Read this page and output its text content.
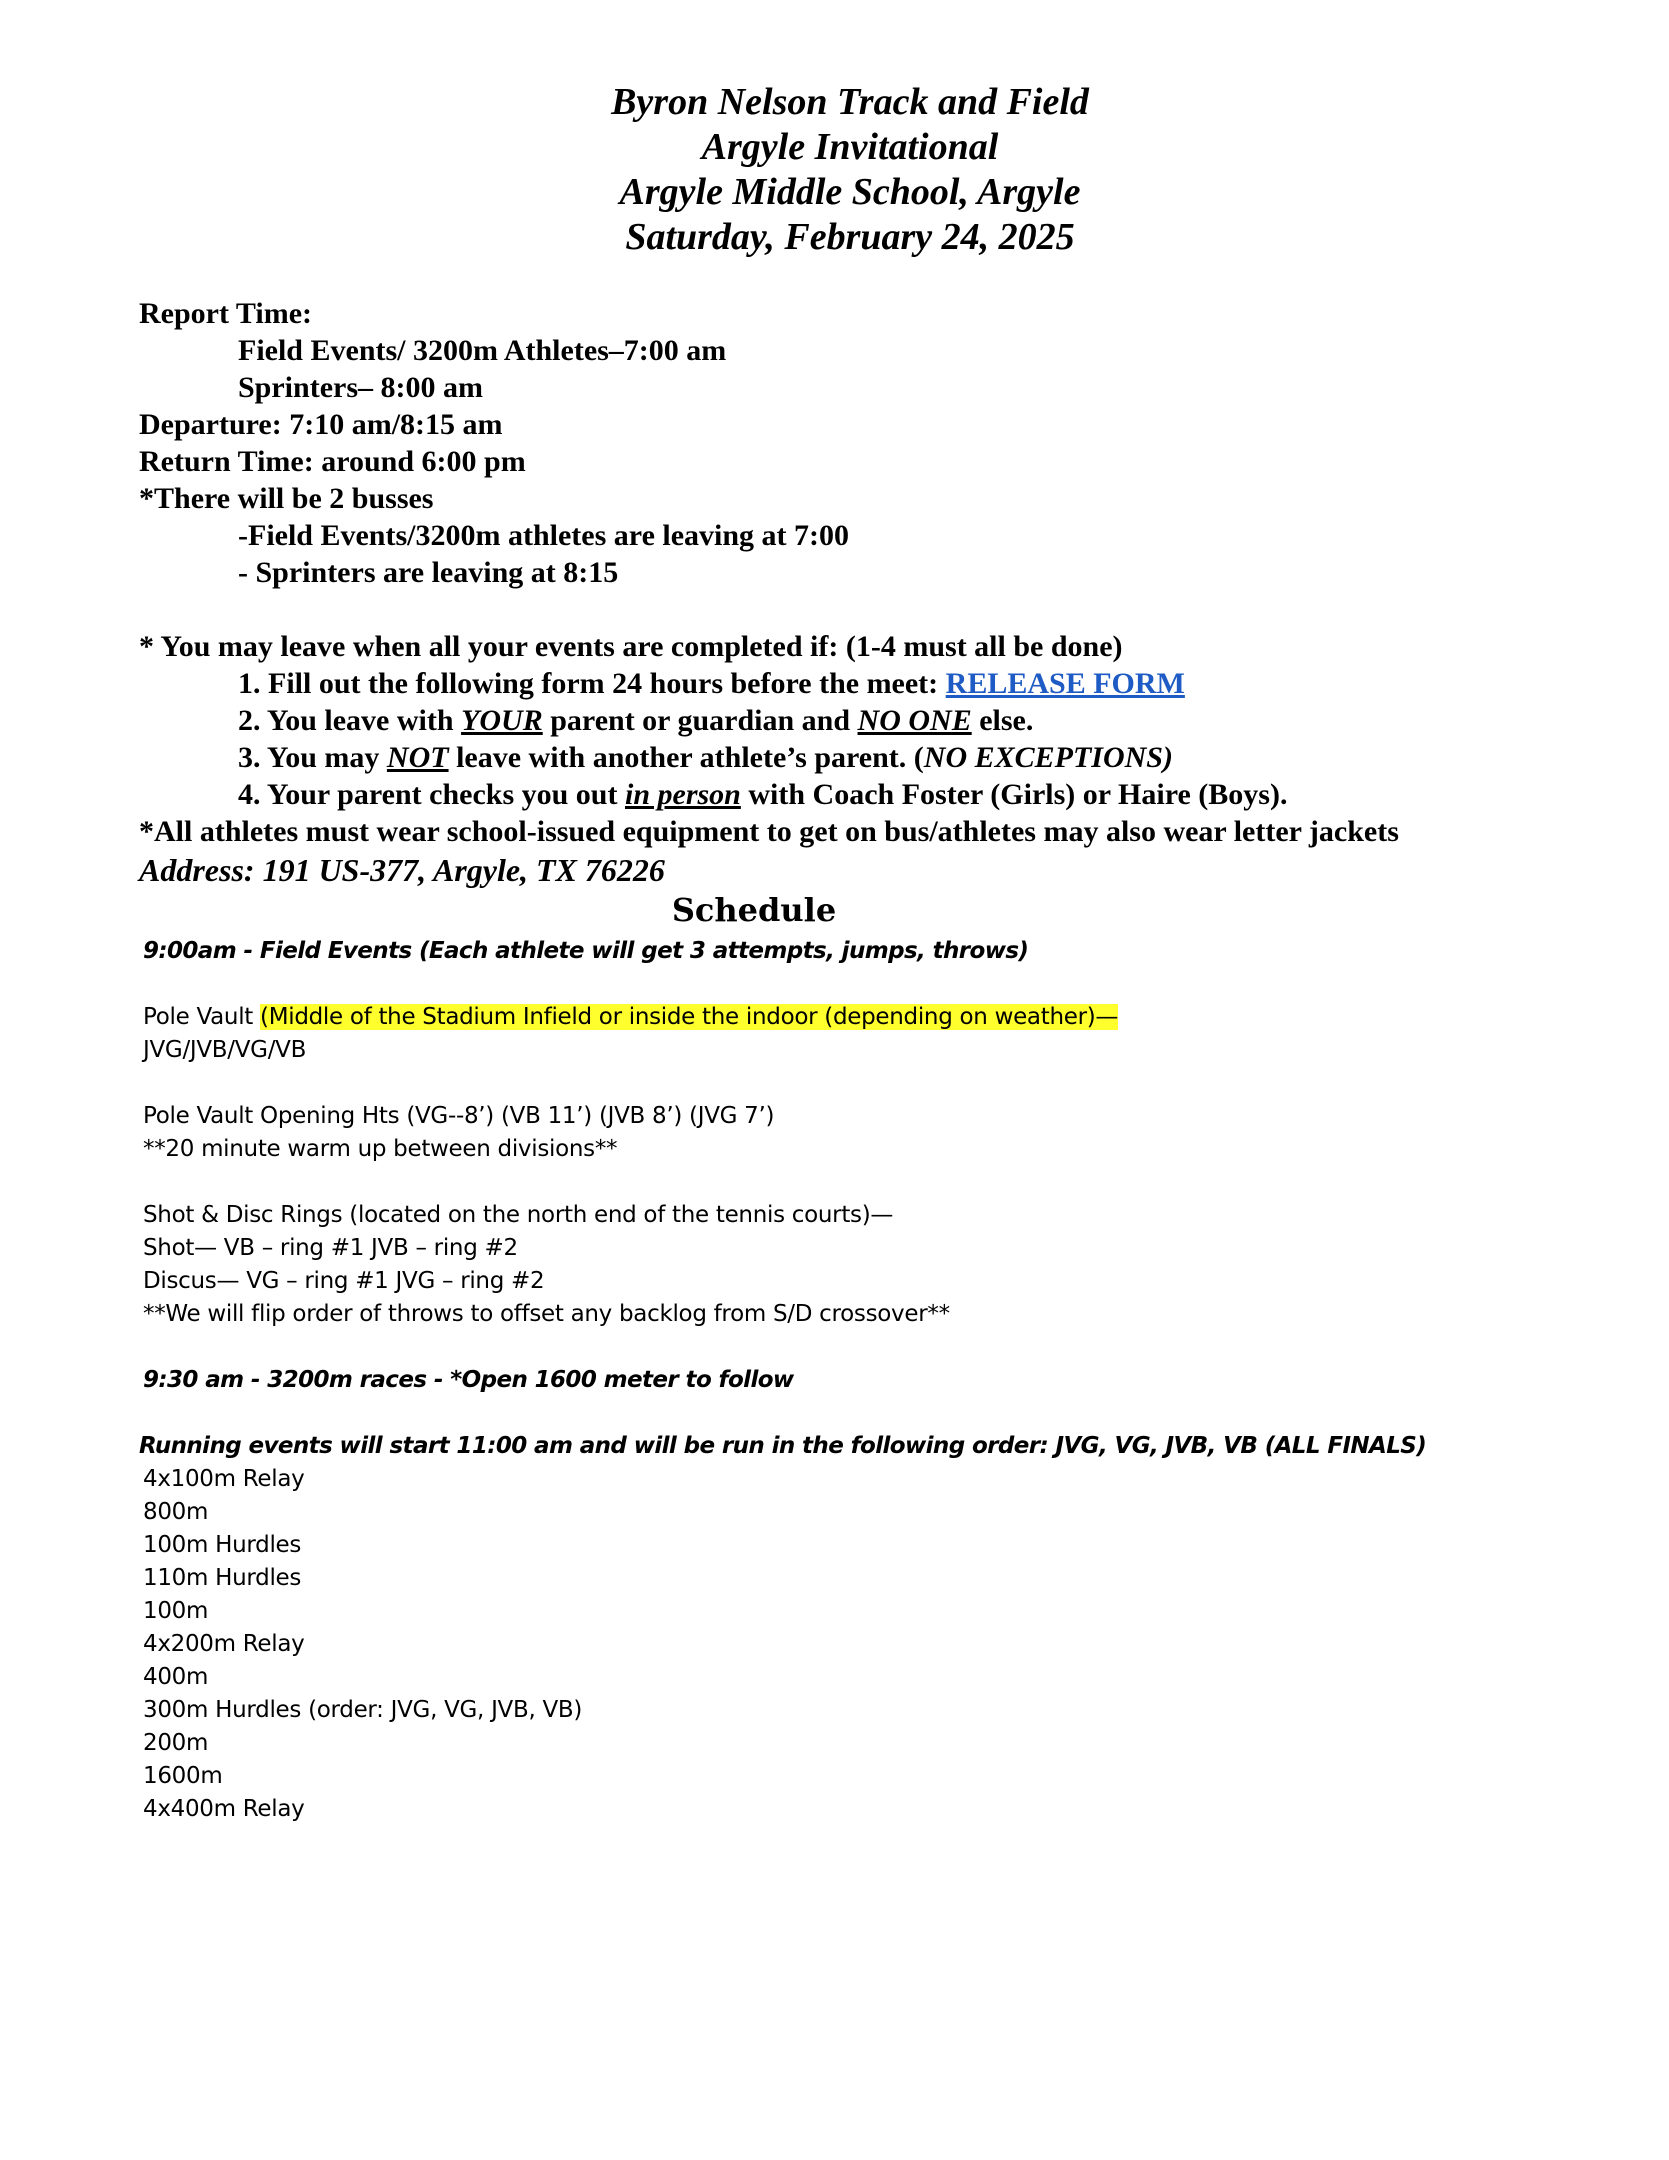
Byron Nelson Track and Field
Argyle Invitational
Argyle Middle School, Argyle
Saturday, February 24, 2025
Report Time:
Field Events/ 3200m Athletes–7:00 am
Sprinters– 8:00 am
Departure: 7:10 am/8:15 am
Return Time: around 6:00 pm
*There will be 2 busses
-Field Events/3200m athletes are leaving at 7:00
- Sprinters are leaving at 8:15
* You may leave when all your events are completed if: (1-4 must all be done)
1. Fill out the following form 24 hours before the meet: RELEASE FORM
2. You leave with YOUR parent or guardian and NO ONE else.
3. You may NOT leave with another athlete’s parent. (NO EXCEPTIONS)
4. Your parent checks you out in person with Coach Foster (Girls) or Haire (Boys).
*All athletes must wear school-issued equipment to get on bus/athletes may also wear letter jackets
Address: 191 US-377, Argyle, TX 76226
Schedule
9:00am - Field Events (Each athlete will get 3 attempts, jumps, throws)
Pole Vault (Middle of the Stadium Infield or inside the indoor (depending on weather)—
JVG/JVB/VG/VB
Pole Vault Opening Hts (VG--8’) (VB 11’) (JVB 8’) (JVG 7’)
**20 minute warm up between divisions**
Shot & Disc Rings (located on the north end of the tennis courts)—
Shot— VB – ring #1 JVB – ring #2
Discus— VG – ring #1 JVG – ring #2
**We will flip order of throws to offset any backlog from S/D crossover**
9:30 am - 3200m races - *Open 1600 meter to follow
Running events will start 11:00 am and will be run in the following order: JVG, VG, JVB, VB (ALL FINALS)
4x100m Relay
800m
100m Hurdles
110m Hurdles
100m
4x200m Relay
400m
300m Hurdles (order: JVG, VG, JVB, VB)
200m
1600m
4x400m Relay
